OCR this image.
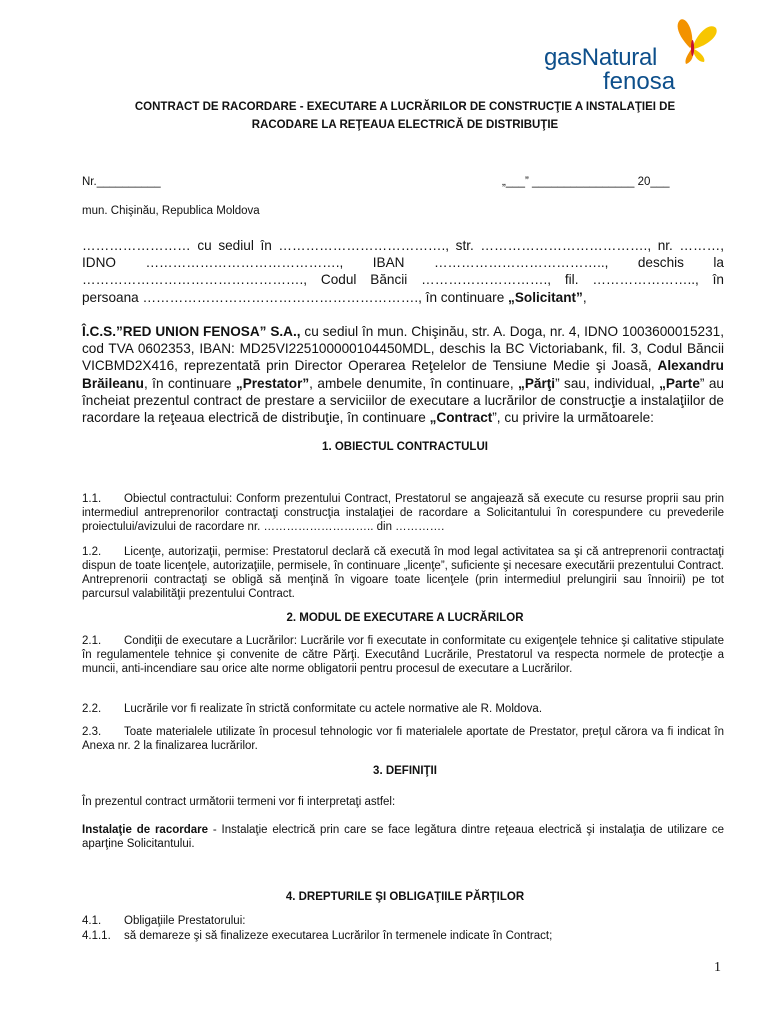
gasNatural
fenosa
CONTRACT DE RACORDARE - EXECUTARE A LUCRĂRILOR DE CONSTRUCŢIE A INSTALAŢIEI DE
RACODARE LA REŢEAUA ELECTRICĂ DE DISTRIBUŢIE
Nr.__________	„___” ________________ 20___
mun. Chişinău, Republica Moldova
…………………… cu sediul în ………………………………., str. ………………………………., nr. ………, IDNO ……………………………………., IBAN ……………………………….., deschis la …………………………………………., Codul Băncii ………………………., fil. ………………….., în persoana ……………………………………………………., în continuare „Solicitant”,
Î.C.S.”RED UNION FENOSA” S.A., cu sediul în mun. Chişinău, str. A. Doga, nr. 4, IDNO 1003600015231, cod TVA 0602353, IBAN: MD25VI225100000104450MDL, deschis la BC Victoriabank, fil. 3, Codul Băncii VICBMD2X416, reprezentată prin Director Operarea Reţelelor de Tensiune Medie şi Joasă, Alexandru Brăileanu, în continuare „Prestator”, ambele denumite, în continuare, „Părţi” sau, individual, „Parte” au încheiat prezentul contract de prestare a serviciilor de executare a lucrărilor de construcţie a instalaţiilor de racordare la reţeaua electrică de distribuţie, în continuare „Contract”, cu privire la următoarele:
1. OBIECTUL CONTRACTULUI
1.1. Obiectul contractului: Conform prezentului Contract, Prestatorul se angajează să execute cu resurse proprii sau prin intermediul antreprenorilor contractaţi construcţia instalaţiei de racordare a Solicitantului în corespundere cu prevederile proiectului/avizului de racordare nr. ……………………….. din ………….
1.2. Licenţe, autorizaţii, permise: Prestatorul declară că execută în mod legal activitatea sa şi că antreprenorii contractaţi dispun de toate licenţele, autorizaţiile, permisele, în continuare „licenţe”, suficiente şi necesare executării prezentului Contract. Antreprenorii contractaţi se obligă să menţină în vigoare toate licenţele (prin intermediul prelungirii sau înnoirii) pe tot parcursul valabilităţii prezentului Contract.
2. MODUL DE EXECUTARE A LUCRĂRILOR
2.1. Condiţii de executare a Lucrărilor: Lucrările vor fi executate in conformitate cu exigenţele tehnice şi calitative stipulate în regulamentele tehnice şi convenite de către Părţi. Executând Lucrările, Prestatorul va respecta normele de protecţie a muncii, anti-incendiare sau orice alte norme obligatorii pentru procesul de executare a Lucrărilor.
2.2. Lucrările vor fi realizate în strictă conformitate cu actele normative ale R. Moldova.
2.3. Toate materialele utilizate în procesul tehnologic vor fi materialele aportate de Prestator, preţul cărora va fi indicat în Anexa nr. 2 la finalizarea lucrărilor.
3. DEFINIŢII
În prezentul contract următorii termeni vor fi interpretaţi astfel:
Instalaţie de racordare - Instalaţie electrică prin care se face legătura dintre reţeaua electrică şi instalaţia de utilizare ce aparţine Solicitantului.
4. DREPTURILE ŞI OBLIGAŢIILE PĂRŢILOR
4.1. Obligaţiile Prestatorului:
4.1.1. să demareze şi să finalizeze executarea Lucrărilor în termenele indicate în Contract;
1
